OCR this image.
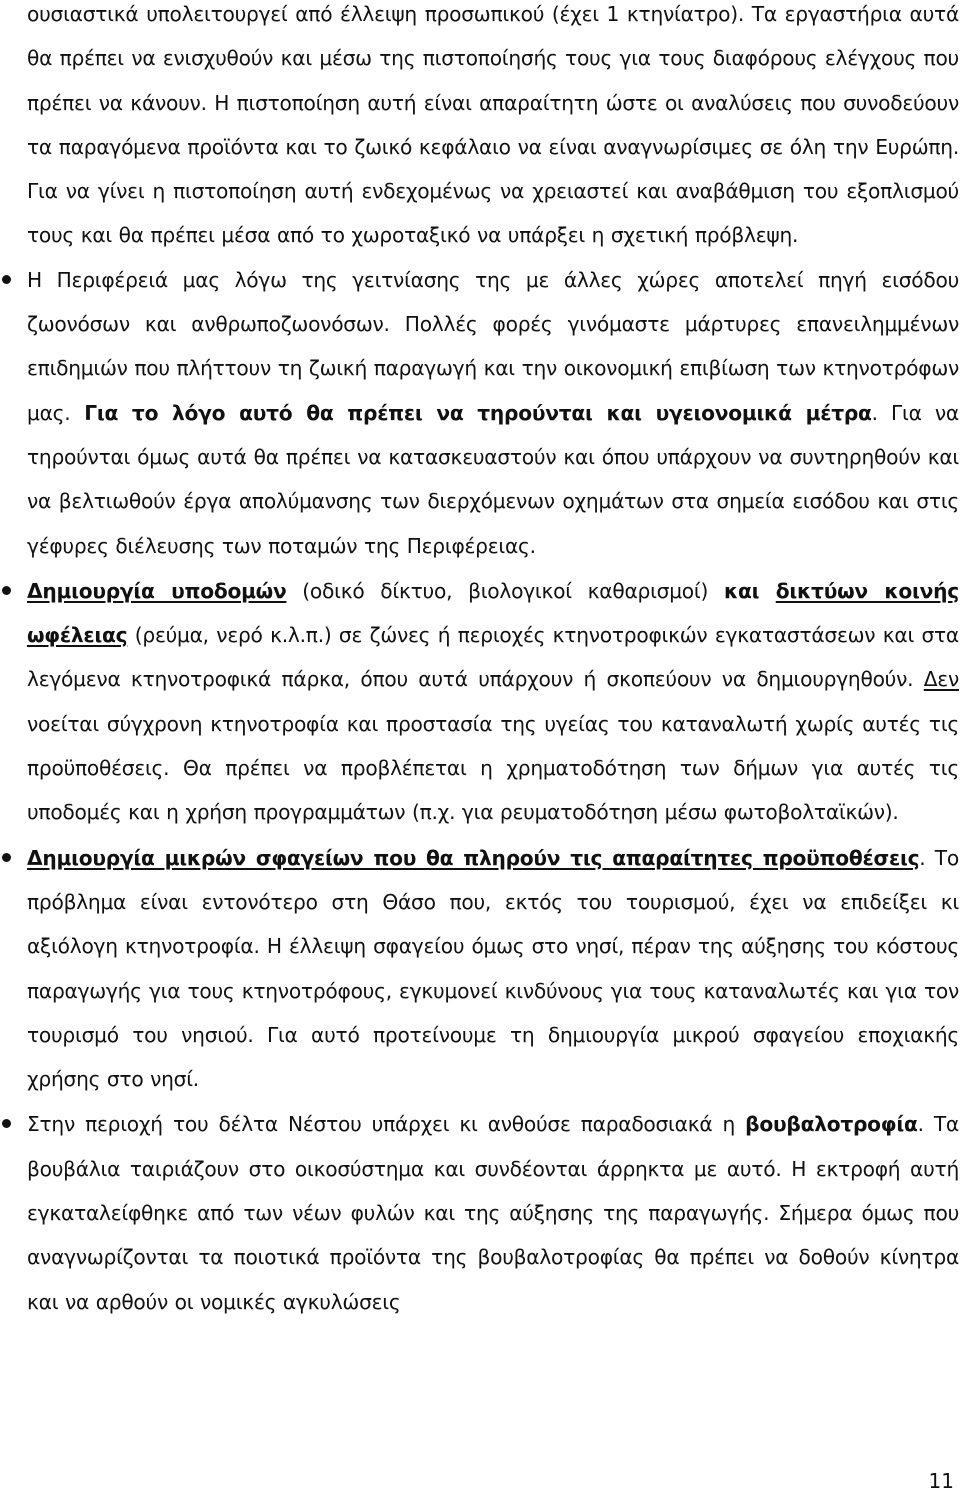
ουσιαστικά υπολειτουργεί από έλλειψη προσωπικού (έχει 1 κτηνίατρο). Τα εργαστήρια αυτά θα πρέπει να ενισχυθούν και μέσω της πιστοποίησής τους για τους διαφόρους ελέγχους που πρέπει να κάνουν. Η πιστοποίηση αυτή είναι απαραίτητη ώστε οι αναλύσεις που συνοδεύουν τα παραγόμενα προϊόντα και το ζωικό κεφάλαιο να είναι αναγνωρίσιμες σε όλη την Ευρώπη. Για να γίνει η πιστοποίηση αυτή ενδεχομένως να χρειαστεί και αναβάθμιση του εξοπλισμού τους και θα πρέπει μέσα από το χωροταξικό να υπάρξει η σχετική πρόβλεψη.

Η Περιφέρειά μας λόγω της γειτνίασης της με άλλες χώρες αποτελεί πηγή εισόδου ζωονόσων και ανθρωποζωονόσων. Πολλές φορές γινόμαστε μάρτυρες επανειλημμένων επιδημιών που πλήττουν τη ζωική παραγωγή και την οικονομική επιβίωση των κτηνοτρόφων μας. Για το λόγο αυτό θα πρέπει να τηρούνται και υγειονομικά μέτρα. Για να τηρούνται όμως αυτά θα πρέπει να κατασκευαστούν και όπου υπάρχουν να συντηρηθούν και να βελτιωθούν έργα απολύμανσης των διερχόμενων οχημάτων στα σημεία εισόδου και στις γέφυρες διέλευσης των ποταμών της Περιφέρειας.

Δημιουργία υποδομών (οδικό δίκτυο, βιολογικοί καθαρισμοί) και δικτύων κοινής ωφέλειας (ρεύμα, νερό κ.λ.π.) σε ζώνες ή περιοχές κτηνοτροφικών εγκαταστάσεων και στα λεγόμενα κτηνοτροφικά πάρκα, όπου αυτά υπάρχουν ή σκοπεύουν να δημιουργηθούν. Δεν νοείται σύγχρονη κτηνοτροφία και προστασία της υγείας του καταναλωτή χωρίς αυτές τις προϋποθέσεις. Θα πρέπει να προβλέπεται η χρηματοδότηση των δήμων για αυτές τις υποδομές και η χρήση προγραμμάτων (π.χ. για ρευματοδότηση μέσω φωτοβολταϊκών).

Δημιουργία μικρών σφαγείων που θα πληρούν τις απαραίτητες προϋποθέσεις. Το πρόβλημα είναι εντονότερο στη Θάσο που, εκτός του τουρισμού, έχει να επιδείξει κι αξιόλογη κτηνοτροφία. Η έλλειψη σφαγείου όμως στο νησί, πέραν της αύξησης του κόστους παραγωγής για τους κτηνοτρόφους, εγκυμονεί κινδύνους για τους καταναλωτές και για τον τουρισμό του νησιού. Για αυτό προτείνουμε τη δημιουργία μικρού σφαγείου εποχιακής χρήσης στο νησί.

Στην περιοχή του δέλτα Νέστου υπάρχει κι ανθούσε παραδοσιακά η βουβαλοτροφία. Τα βουβάλια ταιριάζουν στο οικοσύστημα και συνδέονται άρρηκτα με αυτό. Η εκτροφή αυτή εγκαταλείφθηκε από των νέων φυλών και της αύξησης της παραγωγής. Σήμερα όμως που αναγνωρίζονται τα ποιοτικά προϊόντα της βουβαλοτροφίας θα πρέπει να δοθούν κίνητρα και να αρθούν οι νομικές αγκυλώσεις

11
